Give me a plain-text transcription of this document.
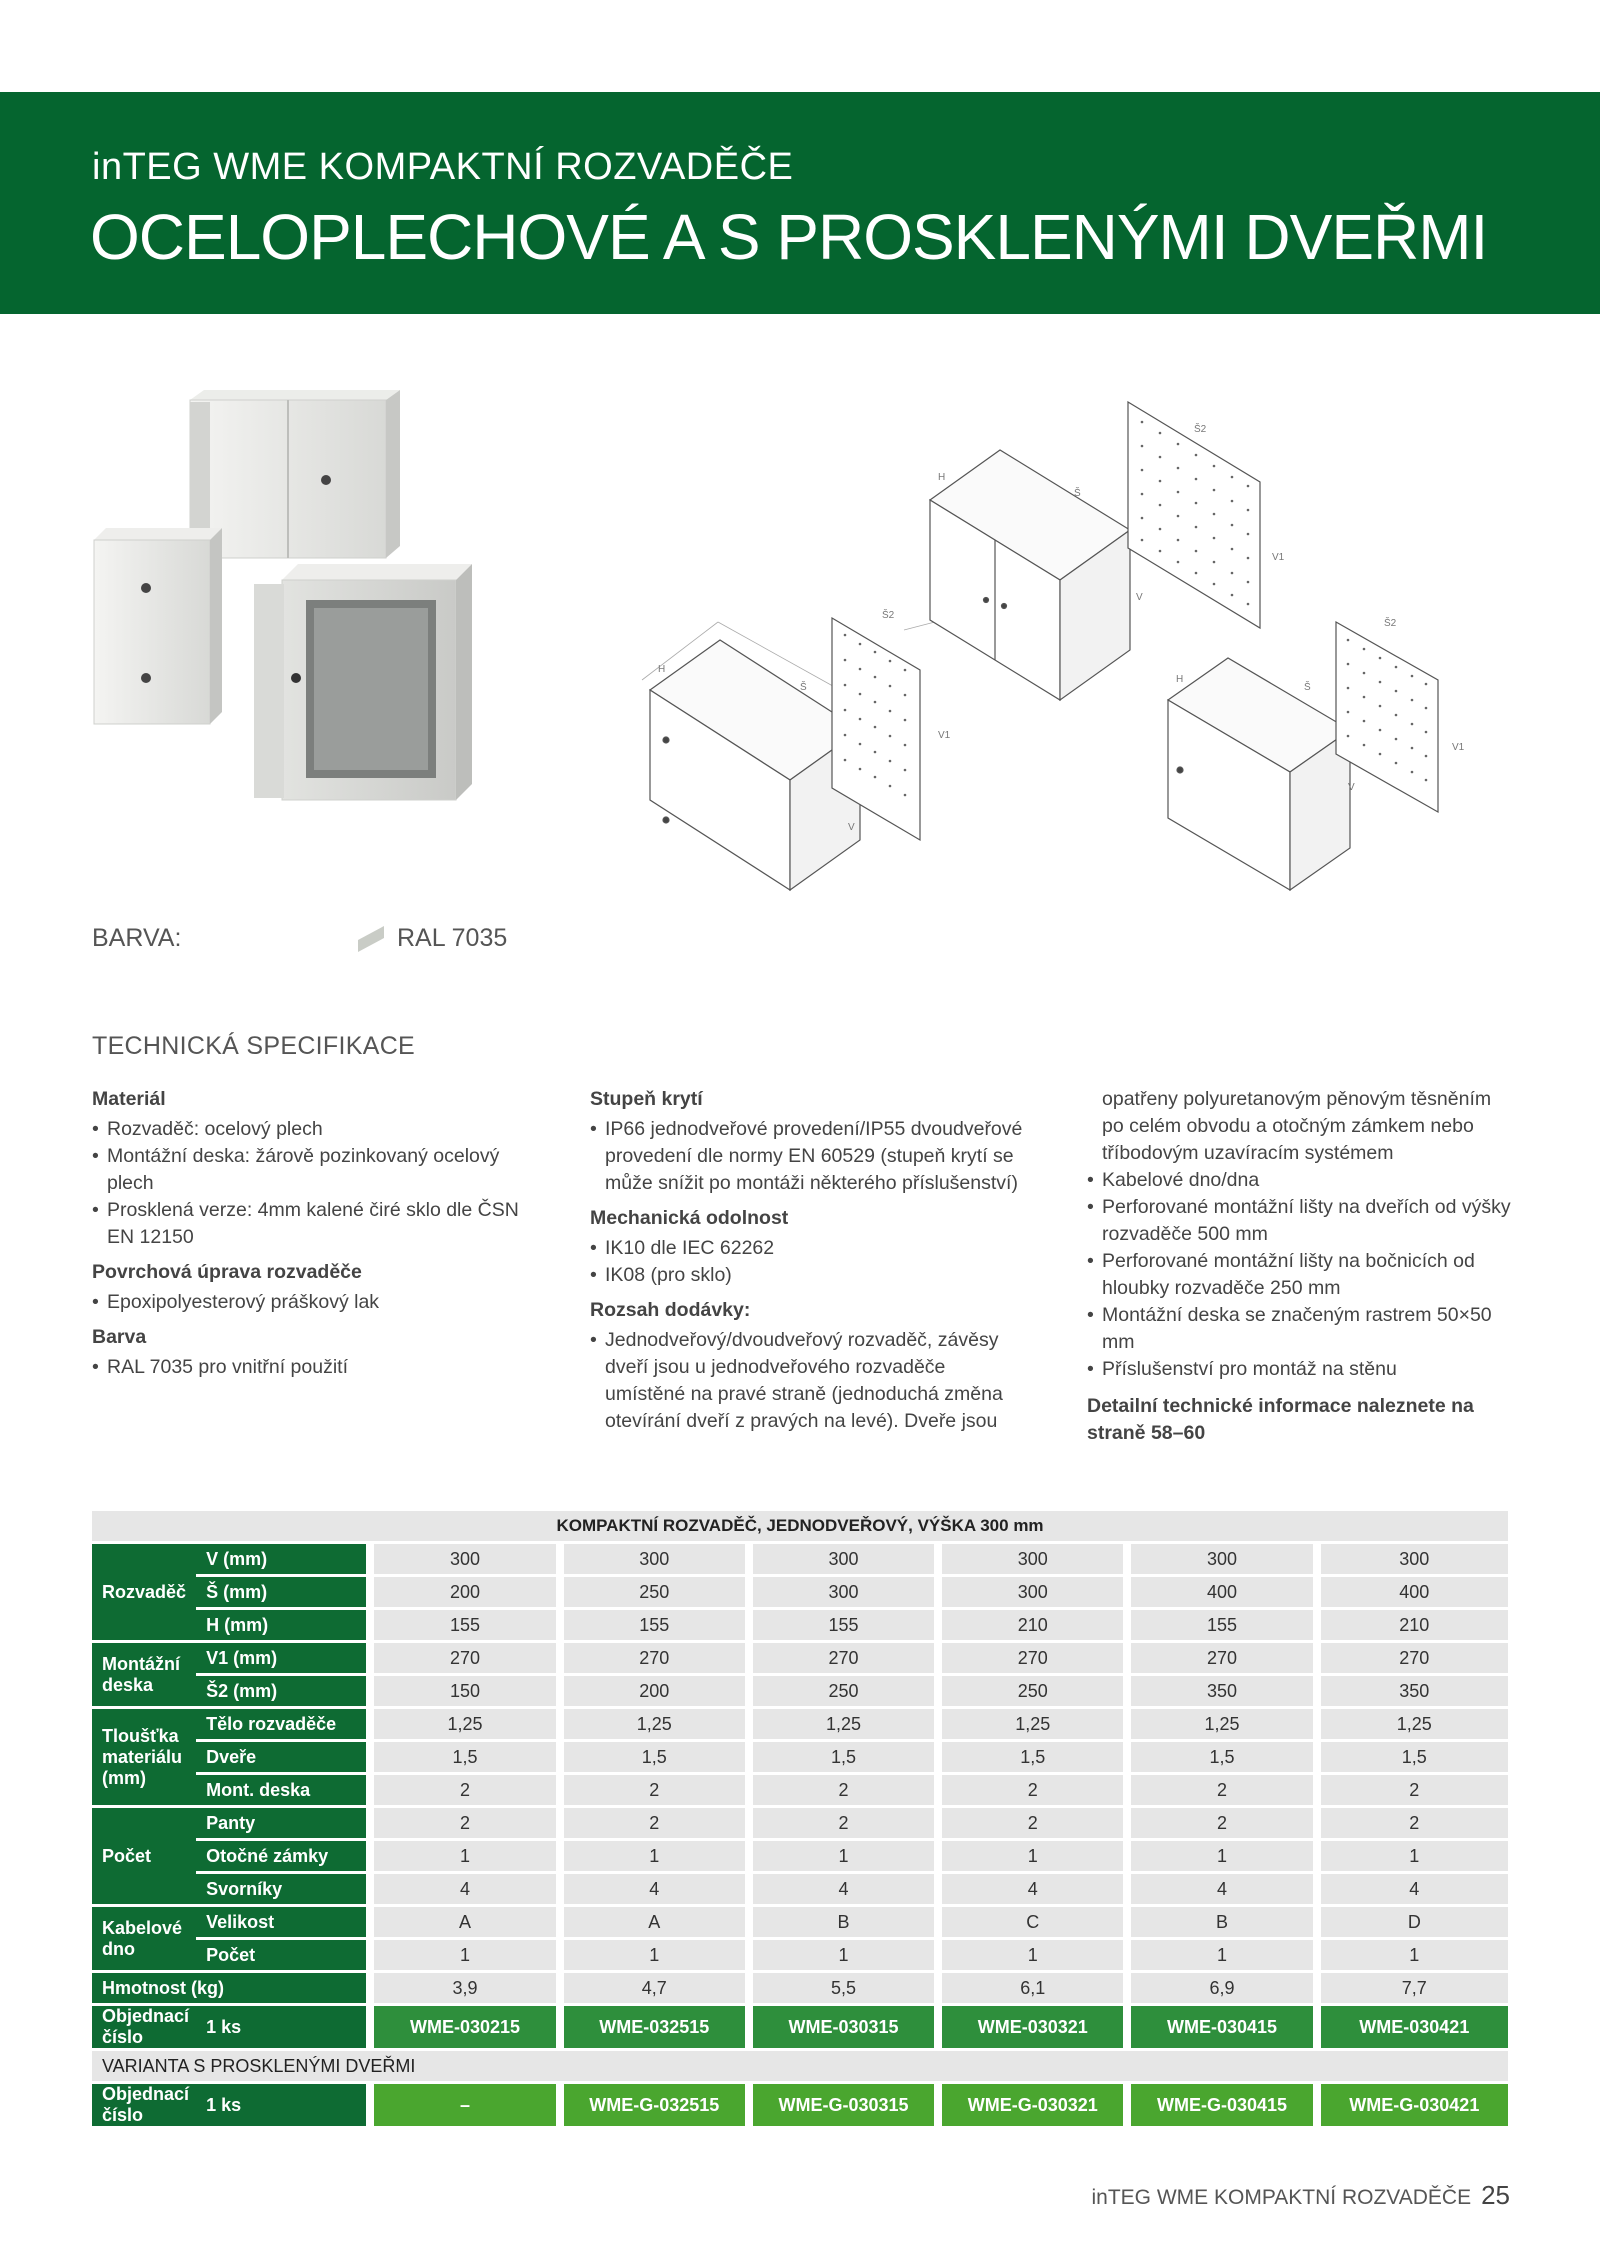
inTEG WME KOMPAKTNÍ ROZVADĚČE
OCELOPLECHOVÉ A S PROSKLENÝMI DVEŘMI
H
Š
Š2
V1
V
H
Š
Š2
V1
V
H
Š
Š2
V1
V
BARVA:	RAL 7035
TECHNICKÁ SPECIFIKACE
Materiál
• Rozvaděč: ocelový plech
• Montážní deska: žárově pozinkovaný ocelový plech
• Prosklená verze: 4mm kalené čiré sklo dle ČSN EN 12150
Povrchová úprava rozvaděče
• Epoxipolyesterový práškový lak
Barva
• RAL 7035 pro vnitřní použití
Stupeň krytí
• IP66 jednodveřové provedení/IP55 dvoudveřové provedení dle normy EN 60529 (stupeň krytí se může snížit po montáži některého příslušenství)
Mechanická odolnost
• IK10 dle IEC 62262
• IK08 (pro sklo)
Rozsah dodávky:
• Jednodveřový/dvoudveřový rozvaděč, závěsy dveří jsou u jednodveřového rozvaděče umístěné na pravé straně (jednoduchá změna otevírání dveří z pravých na levé). Dveře jsou
opatřeny polyuretanovým pěnovým těsněním po celém obvodu a otočným zámkem nebo tříbodovým uzavíracím systémem
• Kabelové dno/dna
• Perforované montážní lišty na dveřích od výšky rozvaděče 500 mm
• Perforované montážní lišty na bočnicích od hloubky rozvaděče 250 mm
• Montážní deska se značeným rastrem 50×50 mm
• Příslušenství pro montáž na stěnu

Detailní technické informace naleznete na straně 58–60

KOMPAKTNÍ ROZVADĚČ, JEDNODVEŘOVÝ, VÝŠKA 300 mm													
Rozvaděč	V (mm)		300		300		300		300		300		300
	Š (mm)		200		250		300		300		400		400
	H (mm)		155		155		155		210		155		210
Montážní deska	V1 (mm)		270		270		270		270		270		270
	Š2 (mm)		150		200		250		250		350		350
Tloušťka materiálu (mm)	Tělo rozvaděče		1,25		1,25		1,25		1,25		1,25		1,25
	Dveře		1,5		1,5		1,5		1,5		1,5		1,5
	Mont. deska		2		2		2		2		2		2
Počet	Panty		2		2		2		2		2		2
	Otočné zámky		1		1		1		1		1		1
	Svorníky		4		4		4		4		4		4
Kabelové dno	Velikost		A		A		B		C		B		D
	Počet		1		1		1		1		1		1
Hmotnost (kg)			3,9		4,7		5,5		6,1		6,9		7,7
Objednací číslo	1 ks		WME-030215		WME-032515		WME-030315		WME-030321		WME-030415		WME-030421
VARIANTA S PROSKLENÝMI DVEŘMI													
Objednací číslo	1 ks		–		WME-G-032515		WME-G-030315		WME-G-030321		WME-G-030415		WME-G-030421
inTEG WME KOMPAKTNÍ ROZVADĚČE 25
